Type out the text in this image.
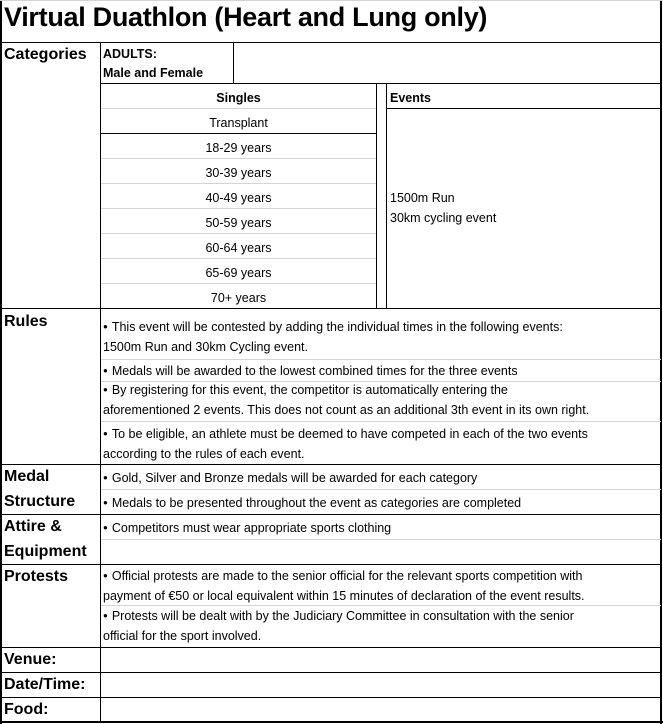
Virtual Duathlon (Heart and Lung only)
Categories ADULTS:
Male and Female
Singles
Transplant
18-29 years
30-39 years
40-49 years
50-59 years
60-64 years
65-69 years
70+ years
Events
1500m Run
30km cycling event
Rules	● This event will be contested by adding the individual times in the following events:
1500m Run and 30km Cycling event.
● Medals will be awarded to the lowest combined times for the three events
● By registering for this event, the competitor is automatically entering the
aforementioned 2 events. This does not count as an additional 3th event in its own right.
● To be eligible, an athlete must be deemed to have competed in each of the two events
according to the rules of each event.
Medal
Structure
● Gold, Silver and Bronze medals will be awarded for each category
● Medals to be presented throughout the event as categories are completed
Attire &
Equipment
● Competitors must wear appropriate sports clothing
Protests	● Official protests are made to the senior official for the relevant sports competition with
payment of €50 or local equivalent within 15 minutes of declaration of the event results.
● Protests will be dealt with by the Judiciary Committee in consultation with the senior
official for the sport involved.
Venue:
Date/Time:
Food:
